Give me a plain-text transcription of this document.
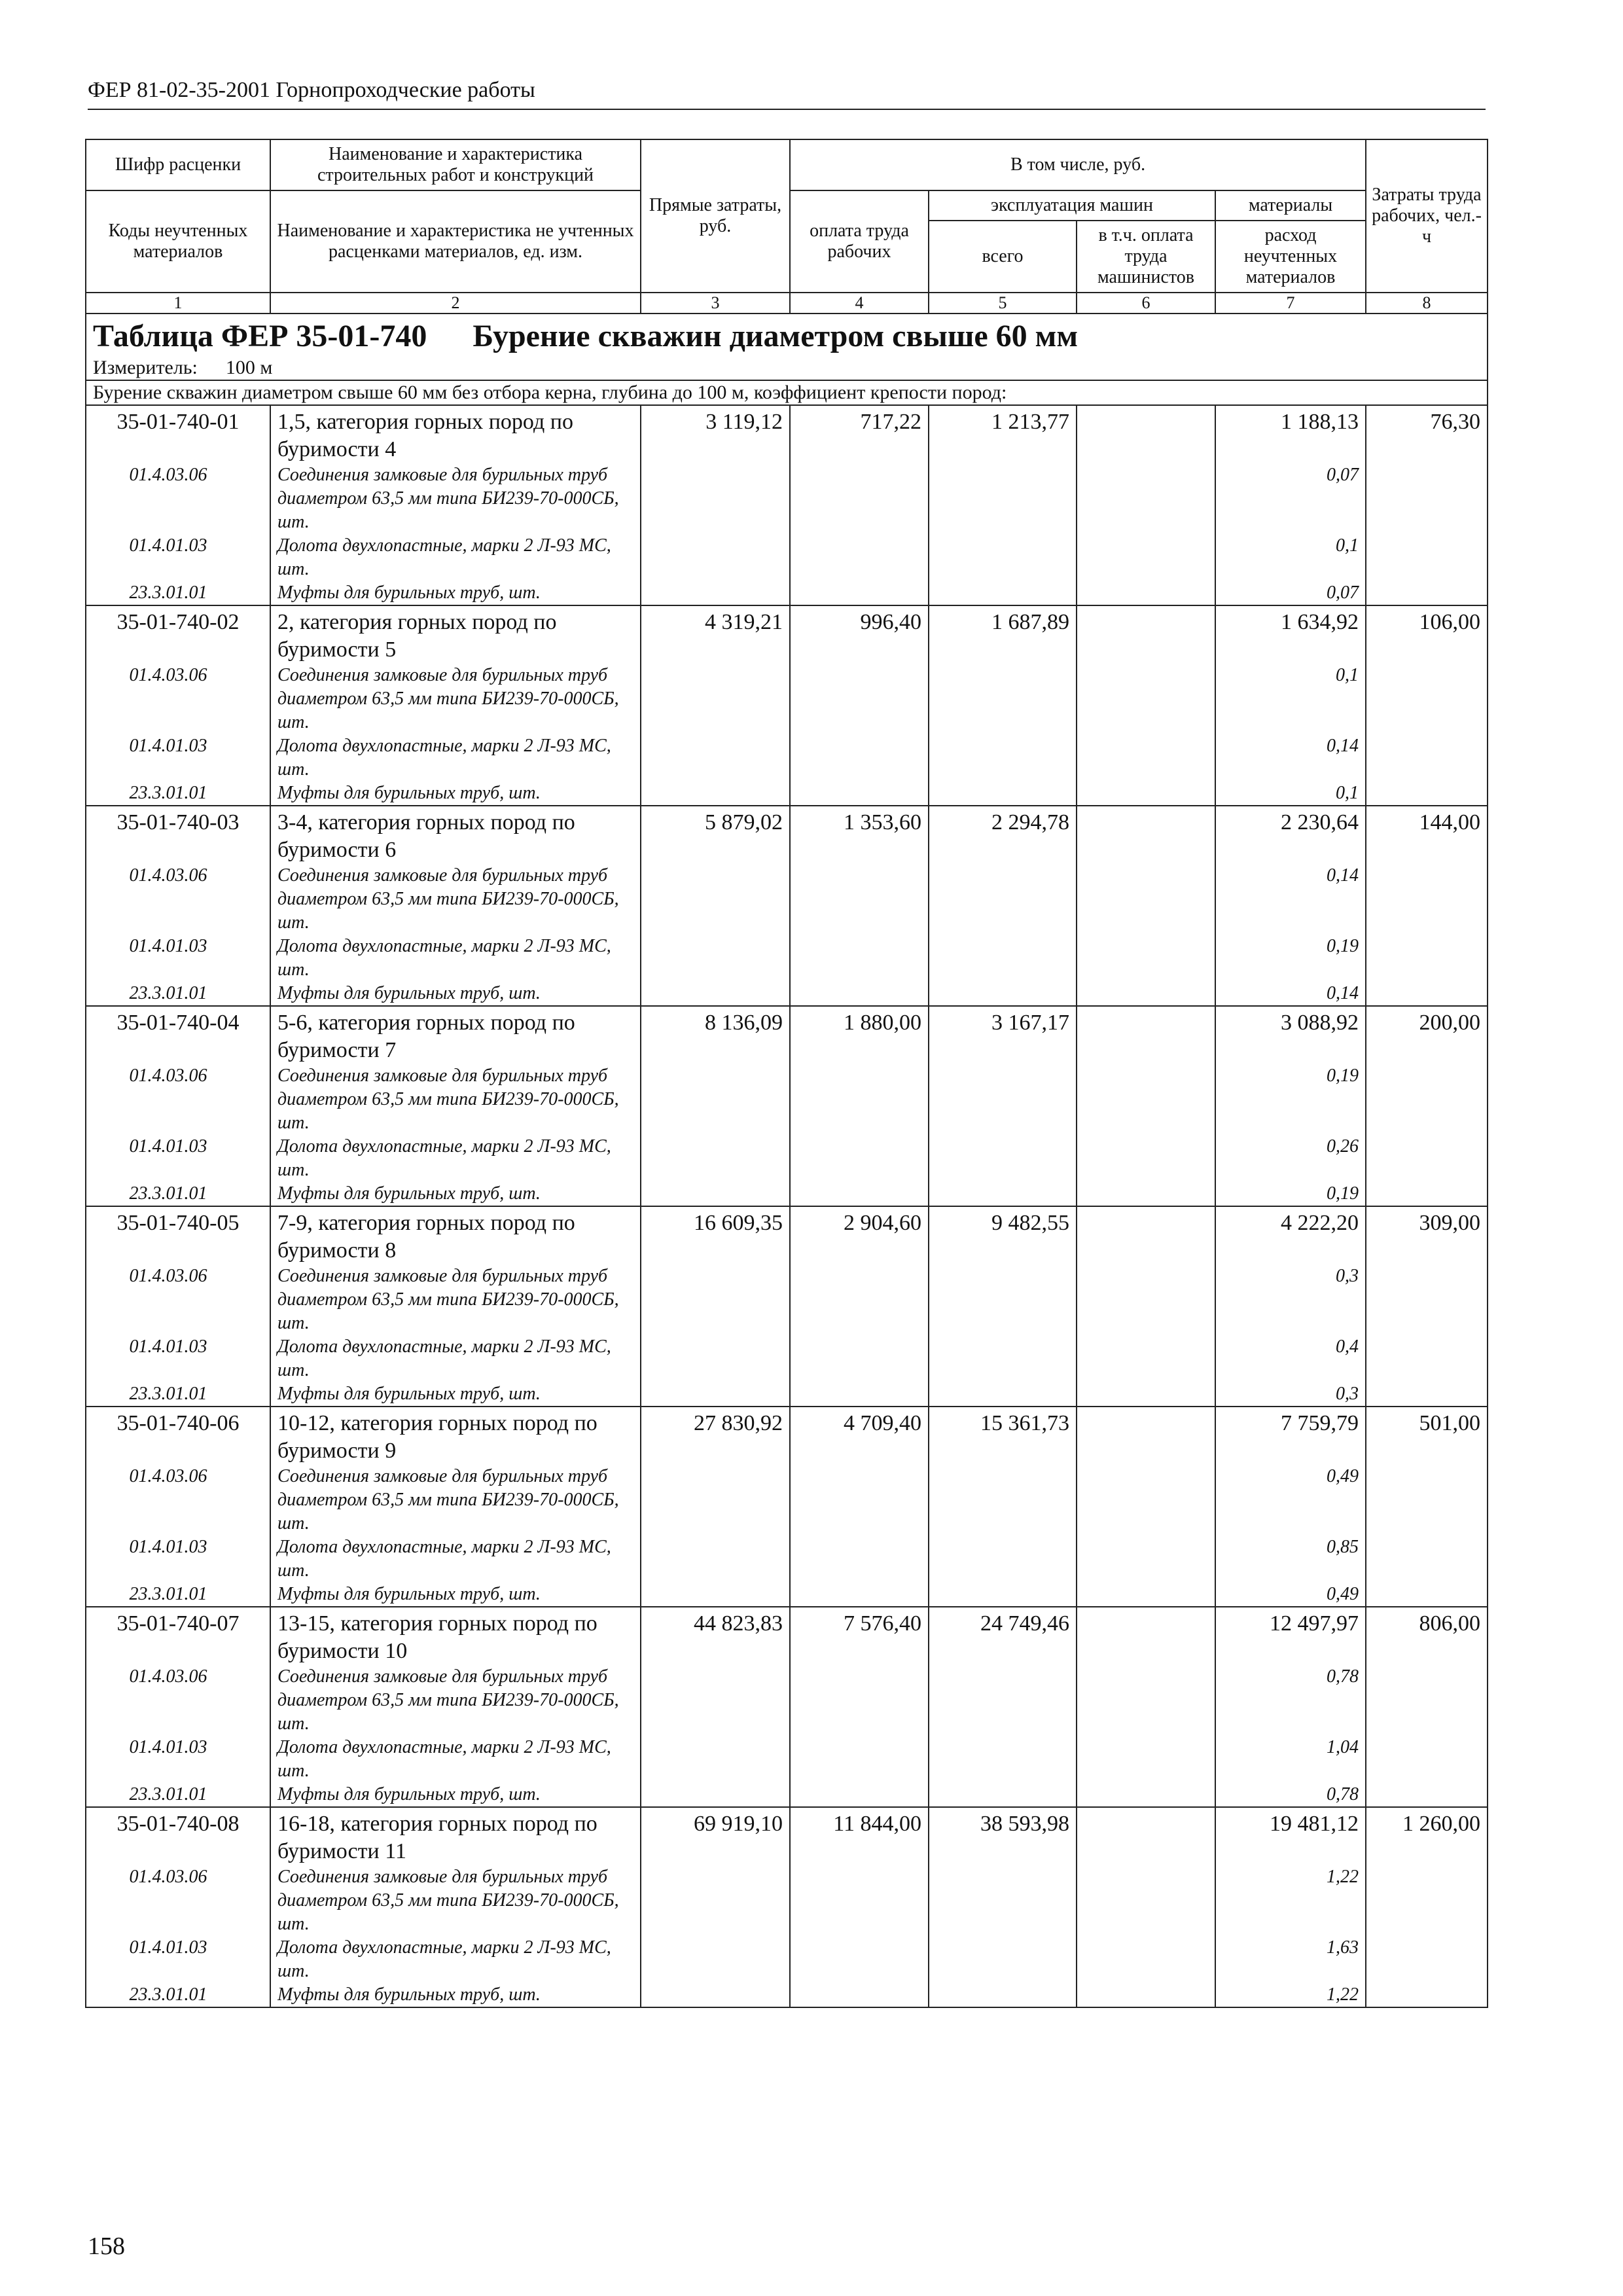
ФЕР 81-02-35-2001 Горнопроходческие работы
Шифр расценки	Наименование и характеристика строительных работ и конструкций	Прямые затраты, руб.	В том числе, руб.				Затраты труда рабочих, чел.-ч
Коды неучтенных материалов	Наименование и характеристика не учтенных расценками материалов, ед. изм.		оплата труда рабочих	эксплуатация машин		материалы	
				всего	в т.ч. оплата труда машинистов	расход неучтенных материалов	
1	2	3	4	5	6	7	8
Таблица ФЕР 35-01-740 Бурение скважин диаметром свыше 60 мм							
Измеритель: 100 м							
Бурение скважин диаметром свыше 60 мм без отбора керна, глубина до 100 м, коэффициент крепости пород:							
35-01-740-01	1,5, категория горных пород по буримости 4	3 119,12	717,22	1 213,77		1 188,13	76,30
01.4.03.06	Соединения замковые для бурильных труб диаметром 63,5 мм типа БИ239-70-000СБ, шт.					0,07	
01.4.01.03	Долота двухлопастные, марки 2 Л-93 МС, шт.					0,1	
23.3.01.01	Муфты для бурильных труб, шт.					0,07	
35-01-740-02	2, категория горных пород по буримости 5	4 319,21	996,40	1 687,89		1 634,92	106,00
01.4.03.06	Соединения замковые для бурильных труб диаметром 63,5 мм типа БИ239-70-000СБ, шт.					0,1	
01.4.01.03	Долота двухлопастные, марки 2 Л-93 МС, шт.					0,14	
23.3.01.01	Муфты для бурильных труб, шт.					0,1	
35-01-740-03	3-4, категория горных пород по буримости 6	5 879,02	1 353,60	2 294,78		2 230,64	144,00
01.4.03.06	Соединения замковые для бурильных труб диаметром 63,5 мм типа БИ239-70-000СБ, шт.					0,14	
01.4.01.03	Долота двухлопастные, марки 2 Л-93 МС, шт.					0,19	
23.3.01.01	Муфты для бурильных труб, шт.					0,14	
35-01-740-04	5-6, категория горных пород по буримости 7	8 136,09	1 880,00	3 167,17		3 088,92	200,00
01.4.03.06	Соединения замковые для бурильных труб диаметром 63,5 мм типа БИ239-70-000СБ, шт.					0,19	
01.4.01.03	Долота двухлопастные, марки 2 Л-93 МС, шт.					0,26	
23.3.01.01	Муфты для бурильных труб, шт.					0,19	
35-01-740-05	7-9, категория горных пород по буримости 8	16 609,35	2 904,60	9 482,55		4 222,20	309,00
01.4.03.06	Соединения замковые для бурильных труб диаметром 63,5 мм типа БИ239-70-000СБ, шт.					0,3	
01.4.01.03	Долота двухлопастные, марки 2 Л-93 МС, шт.					0,4	
23.3.01.01	Муфты для бурильных труб, шт.					0,3	
35-01-740-06	10-12, категория горных пород по буримости 9	27 830,92	4 709,40	15 361,73		7 759,79	501,00
01.4.03.06	Соединения замковые для бурильных труб диаметром 63,5 мм типа БИ239-70-000СБ, шт.					0,49	
01.4.01.03	Долота двухлопастные, марки 2 Л-93 МС, шт.					0,85	
23.3.01.01	Муфты для бурильных труб, шт.					0,49	
35-01-740-07	13-15, категория горных пород по буримости 10	44 823,83	7 576,40	24 749,46		12 497,97	806,00
01.4.03.06	Соединения замковые для бурильных труб диаметром 63,5 мм типа БИ239-70-000СБ, шт.					0,78	
01.4.01.03	Долота двухлопастные, марки 2 Л-93 МС, шт.					1,04	
23.3.01.01	Муфты для бурильных труб, шт.					0,78	
35-01-740-08	16-18, категория горных пород по буримости 11	69 919,10	11 844,00	38 593,98		19 481,12	1 260,00
01.4.03.06	Соединения замковые для бурильных труб диаметром 63,5 мм типа БИ239-70-000СБ, шт.					1,22	
01.4.01.03	Долота двухлопастные, марки 2 Л-93 МС, шт.					1,63	
23.3.01.01	Муфты для бурильных труб, шт.					1,22	
158
